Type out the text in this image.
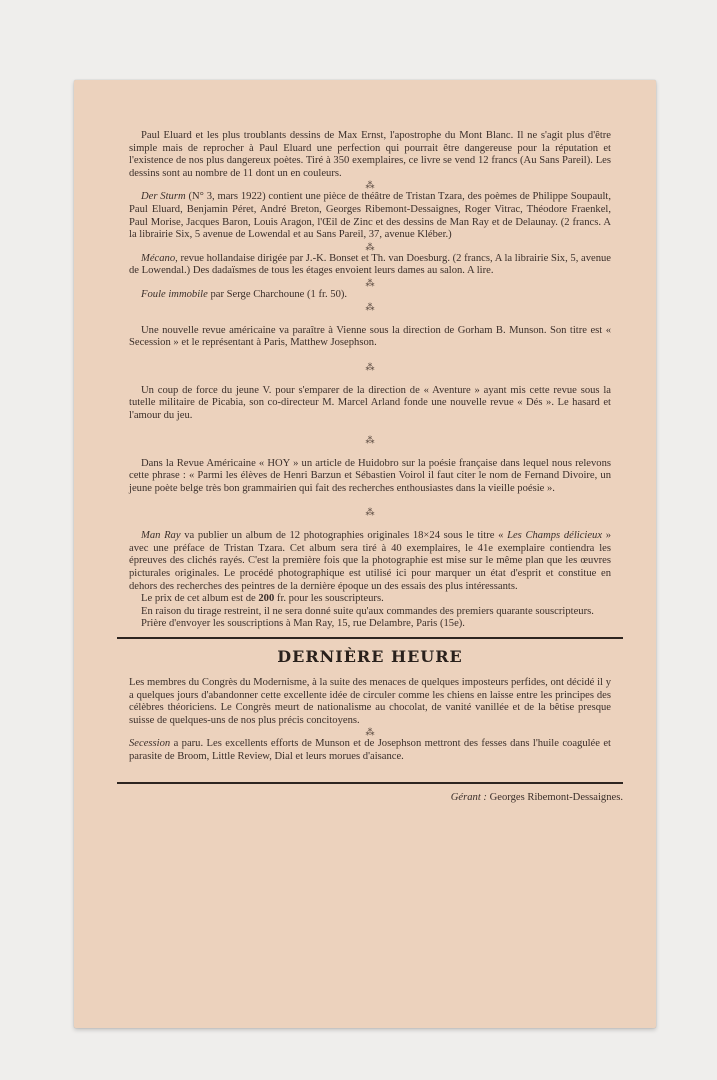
Paul Eluard et les plus troublants dessins de Max Ernst, l'apostrophe du Mont Blanc. Il ne s'agit plus d'être simple mais de reprocher à Paul Eluard une perfection qui pourrait être dangereuse pour la réputation et l'existence de nos plus dangereux poètes. Tiré à 350 exemplaires, ce livre se vend 12 francs (Au Sans Pareil). Les dessins sont au nombre de 11 dont un en couleurs.

⁂

Der Sturm (N° 3, mars 1922) contient une pièce de théâtre de Tristan Tzara, des poèmes de Philippe Soupault, Paul Eluard, Benjamin Péret, André Breton, Georges Ribemont-Dessaignes, Roger Vitrac, Théodore Fraenkel, Paul Morise, Jacques Baron, Louis Aragon, l'Œil de Zinc et des dessins de Man Ray et de Delaunay. (2 francs. A la librairie Six, 5 avenue de Lowendal et au Sans Pareil, 37, avenue Kléber.)

⁂

Mécano, revue hollandaise dirigée par J.-K. Bonset et Th. van Doesburg. (2 francs, A la librairie Six, 5, avenue de Lowendal.) Des dadaïsmes de tous les étages envoient leurs dames au salon. A lire.

⁂

Foule immobile par Serge Charchoune (1 fr. 50).

⁂

Une nouvelle revue américaine va paraître à Vienne sous la direction de Gorham B. Munson. Son titre est « Secession » et le représentant à Paris, Matthew Josephson.

⁂

Un coup de force du jeune V. pour s'emparer de la direction de « Aventure » ayant mis cette revue sous la tutelle militaire de Picabia, son co-directeur M. Marcel Arland fonde une nouvelle revue « Dés ». Le hasard et l'amour du jeu.

⁂

Dans la Revue Américaine « HOY » un article de Huidobro sur la poésie française dans lequel nous relevons cette phrase : « Parmi les élèves de Henri Barzun et Sébastien Voirol il faut citer le nom de Fernand Divoire, un jeune poète belge très bon grammairien qui fait des recherches enthousiastes dans la vieille poésie ».

⁂

Man Ray va publier un album de 12 photographies originales 18×24 sous le titre « Les Champs délicieux » avec une préface de Tristan Tzara. Cet album sera tiré à 40 exemplaires, le 41e exemplaire contiendra les épreuves des clichés rayés. C'est la première fois que la photographie est mise sur le même plan que les œuvres picturales originales. Le procédé photographique est utilisé ici pour marquer un état d'esprit et constitue en dehors des recherches des peintres de la dernière époque un des essais des plus intéressants.

Le prix de cet album est de 200 fr. pour les souscripteurs.

En raison du tirage restreint, il ne sera donné suite qu'aux commandes des premiers quarante souscripteurs.

Prière d'envoyer les souscriptions à Man Ray, 15, rue Delambre, Paris (15e).

DERNIÈRE HEURE

Les membres du Congrès du Modernisme, à la suite des menaces de quelques imposteurs perfides, ont décidé il y a quelques jours d'abandonner cette excellente idée de circuler comme les chiens en laisse entre les principes des célèbres théoriciens. Le Congrès meurt de nationalisme au chocolat, de vanité vanillée et de la bêtise presque suisse de quelques-uns de nos plus précis concitoyens.

⁂

Secession a paru. Les excellents efforts de Munson et de Josephson mettront des fesses dans l'huile coagulée et parasite de Broom, Little Review, Dial et leurs morues d'aisance.

Gérant : Georges Ribemont-Dessaignes.
